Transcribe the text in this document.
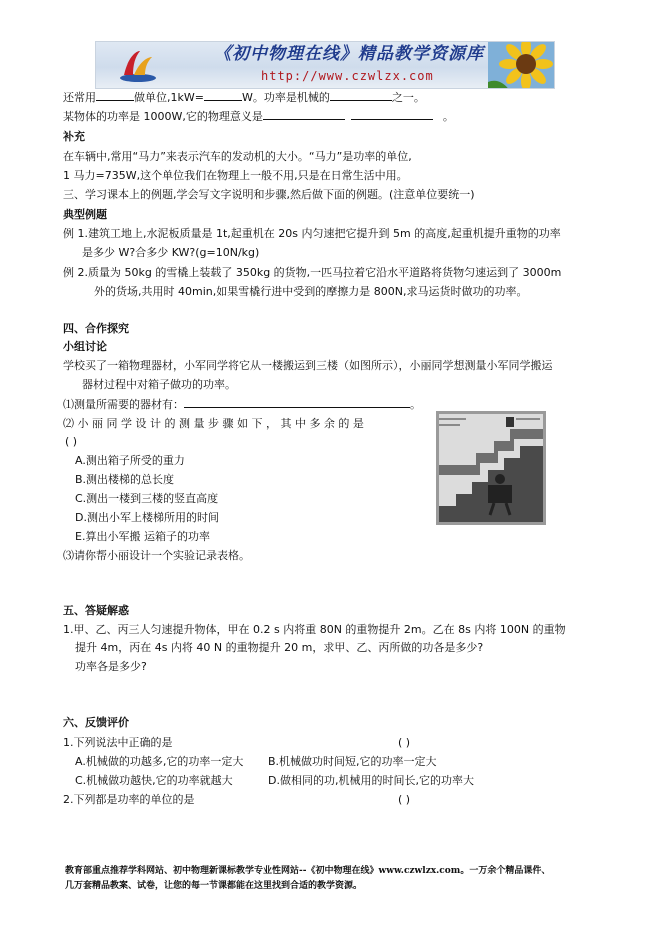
《初中物理在线》精品教学资源库
http://www.czwlzx.com
还常用	做单位,1kW=	W。功率是机械的	之一。
某物体的功率是 1000W,它的物理意义是	。
补充
在车辆中,常用“马力”来表示汽车的发动机的大小。“马力”是功率的单位,
1 马力=735W,这个单位我们在物理上一般不用,只是在日常生活中用。
三、学习课本上的例题,学会写文字说明和步骤,然后做下面的例题。(注意单位要统一)
典型例题
例 1.建筑工地上,水泥板质量是 1t,起重机在 20s 内匀速把它提升到 5m 的高度,起重机提升重物的功率
是多少 W?合多少 KW?(g=10N/kg)
例 2.质量为 50kg 的雪橇上装载了 350kg 的货物,一匹马拉着它沿水平道路将货物匀速运到了 3000m
外的货场,共用时 40min,如果雪橇行进中受到的摩擦力是 800N,求马运货时做功的功率。
四、合作探究
小组讨论
学校买了一箱物理器材，小军同学将它从一楼搬运到三楼（如图所示），小丽同学想测量小军同学搬运
器材过程中对箱子做功的功率。
⑴测量所需要的器材有：	。
⑵ 小 丽 同 学 设 计 的 测 量 步 骤 如 下 ， 其 中 多 余 的 是
( )
A.测出箱子所受的重力
B.测出楼梯的总长度
C.测出一楼到三楼的竖直高度
D.测出小军上楼梯所用的时间
E.算出小军搬 运箱子的功率
⑶请你帮小丽设计一个实验记录表格。
五、答疑解惑
1.甲、乙、丙三人匀速提升物体，甲在 0.2 s 内将重 80N 的重物提升 2m。乙在 8s 内将 100N 的重物
提升 4m，丙在 4s 内将 40 N 的重物提升 20 m，求甲、乙、丙所做的功各是多少?
功率各是多少?
六、反馈评价
1.下列说法中正确的是	( )
A.机械做的功越多,它的功率一定大 B.机械做功时间短,它的功率一定大
C.机械做功越快,它的功率就越大	D.做相同的功,机械用的时间长,它的功率大
2.下列都是功率的单位的是	( )
教育部重点推荐学科网站、初中物理新课标教学专业性网站--《初中物理在线》www.czwlzx.com。一万余个精品课件、
几万套精品教案、试卷，让您的每一节课都能在这里找到合适的教学资源。
